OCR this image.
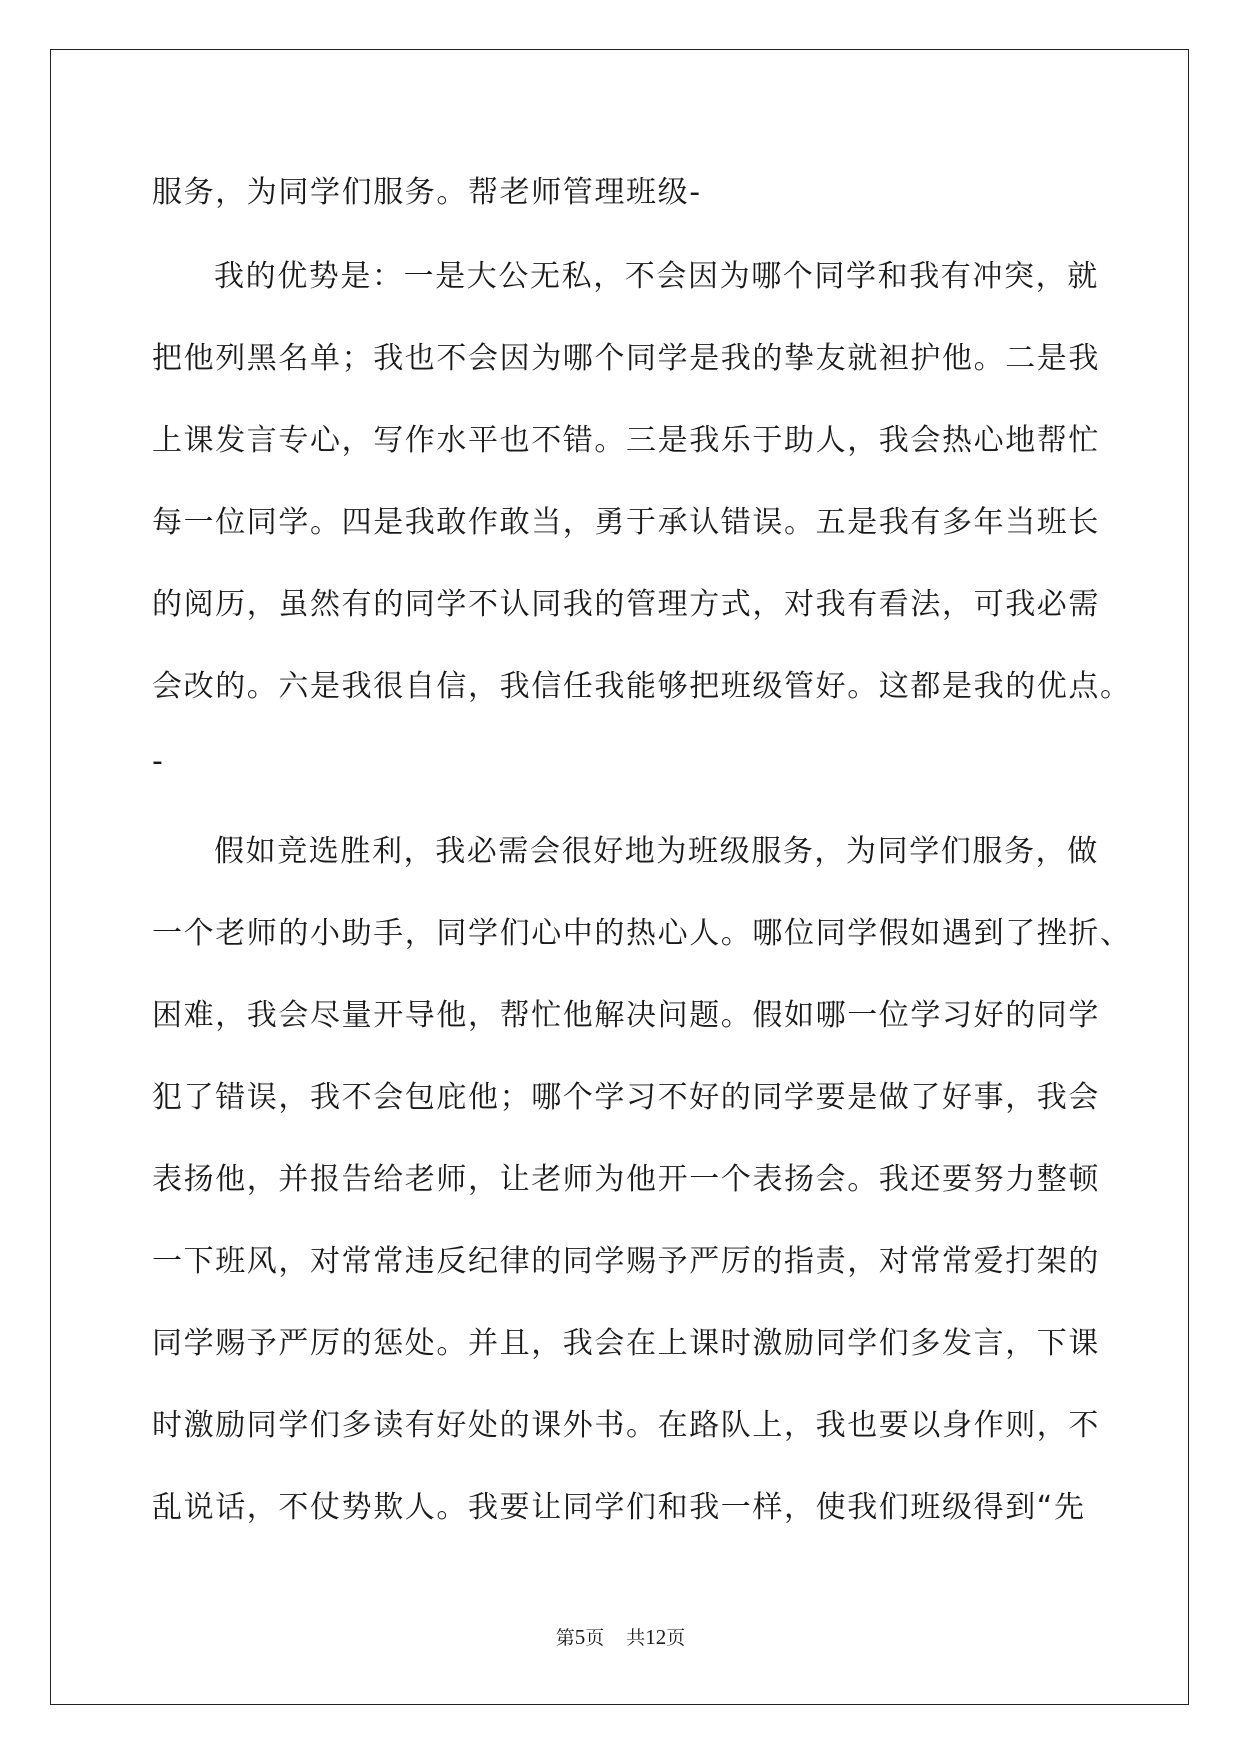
服务，为同学们服务。帮老师管理班级-
我的优势是：一是大公无私，不会因为哪个同学和我有冲突，就
把他列黑名单；我也不会因为哪个同学是我的挚友就袒护他。二是我
上课发言专心，写作水平也不错。三是我乐于助人，我会热心地帮忙
每一位同学。四是我敢作敢当，勇于承认错误。五是我有多年当班长
的阅历，虽然有的同学不认同我的管理方式，对我有看法，可我必需
会改的。六是我很自信，我信任我能够把班级管好。这都是我的优点。
-
假如竞选胜利，我必需会很好地为班级服务，为同学们服务，做
一个老师的小助手，同学们心中的热心人。哪位同学假如遇到了挫折、
困难，我会尽量开导他，帮忙他解决问题。假如哪一位学习好的同学
犯了错误，我不会包庇他；哪个学习不好的同学要是做了好事，我会
表扬他，并报告给老师，让老师为他开一个表扬会。我还要努力整顿
一下班风，对常常违反纪律的同学赐予严厉的指责，对常常爱打架的
同学赐予严厉的惩处。并且，我会在上课时激励同学们多发言，下课
时激励同学们多读有好处的课外书。在路队上，我也要以身作则，不
乱说话，不仗势欺人。我要让同学们和我一样，使我们班级得到“先
第5页 共12页
